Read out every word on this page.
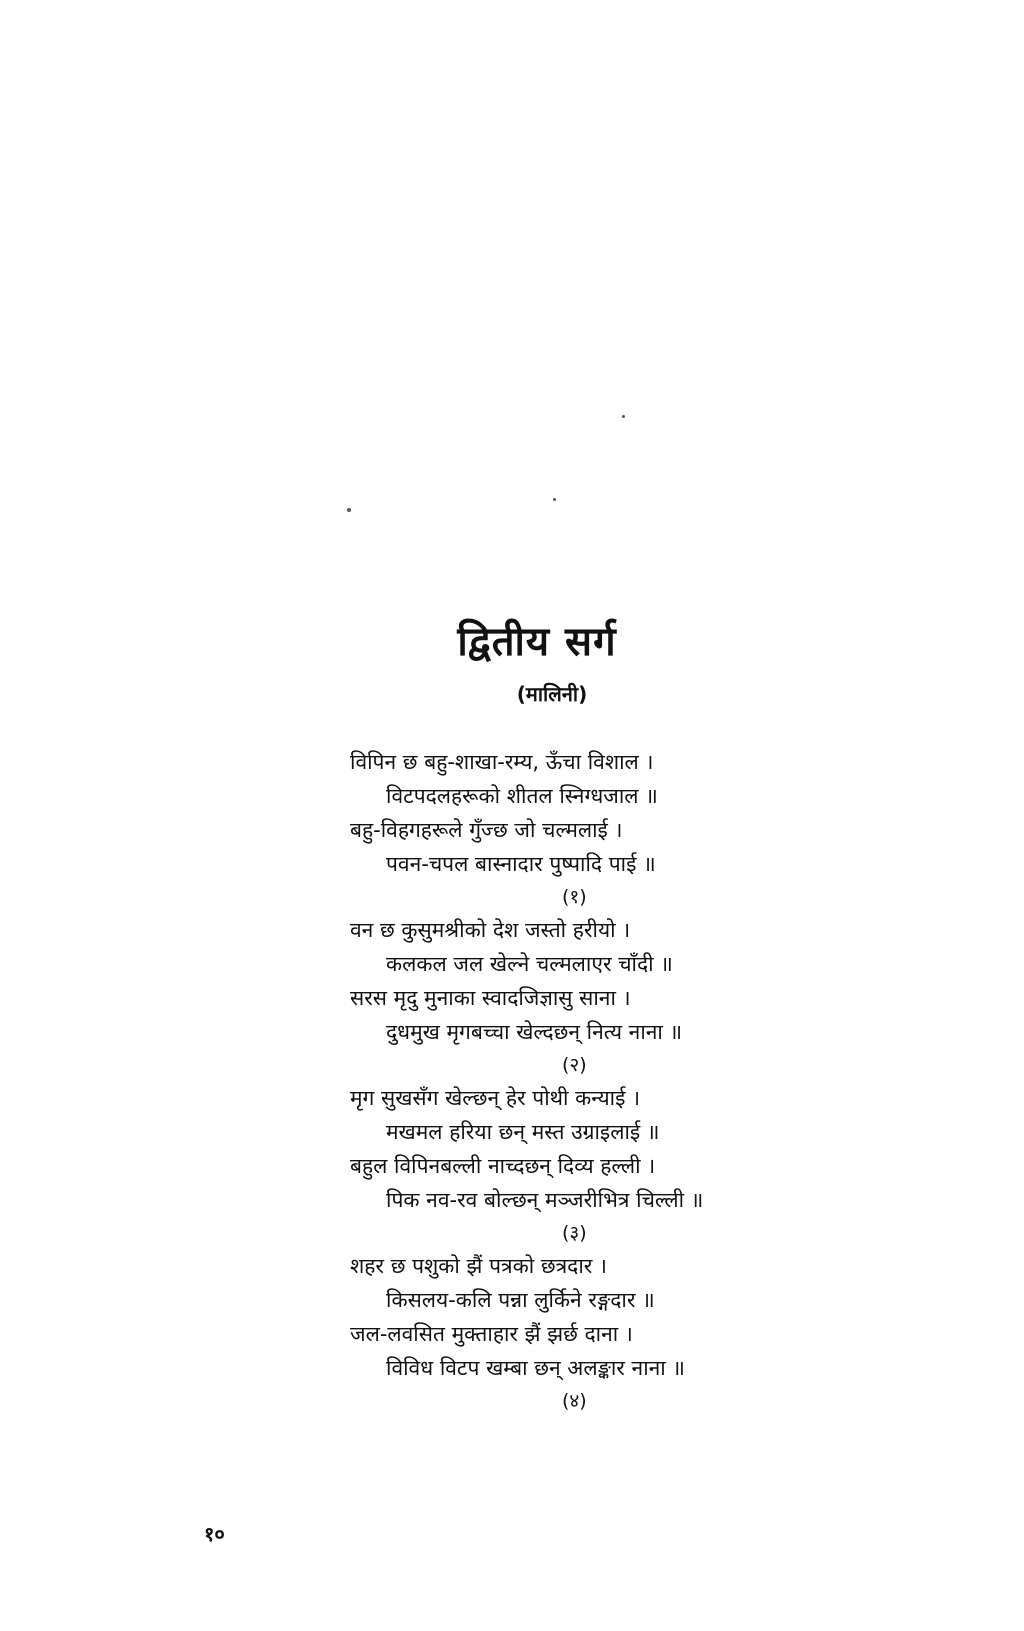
द्वितीय सर्ग
(मालिनी)
विपिन छ बहु-शाखा-रम्य, ऊँचा विशाल ।
विटपदलहरूको शीतल स्निग्धजाल ॥
बहु-विहगहरूले गुँज्छ जो चल्मलाई ।
पवन-चपल बास्नादार पुष्पादि पाई ॥
(१)
वन छ कुसुमश्रीको देश जस्तो हरीयो ।
कलकल जल खेल्ने चल्मलाएर चाँदी ॥
सरस मृदु मुनाका स्वादजिज्ञासु साना ।
दुधमुख मृगबच्चा खेल्दछन् नित्य नाना ॥
(२)
मृग सुखसँग खेल्छन् हेर पोथी कन्याई ।
मखमल हरिया छन् मस्त उग्राइलाई ॥
बहुल विपिनबल्ली नाच्दछन् दिव्य हल्ली ।
पिक नव-रव बोल्छन् मञ्जरीभित्र चिल्ली ॥
(३)
शहर छ पशुको झैं पत्रको छत्रदार ।
किसलय-कलि पन्ना लुर्किने रङ्गदार ॥
जल-लवसित मुक्ताहार झैं झर्छ दाना ।
विविध विटप खम्बा छन् अलङ्कार नाना ॥
(४)
१०
